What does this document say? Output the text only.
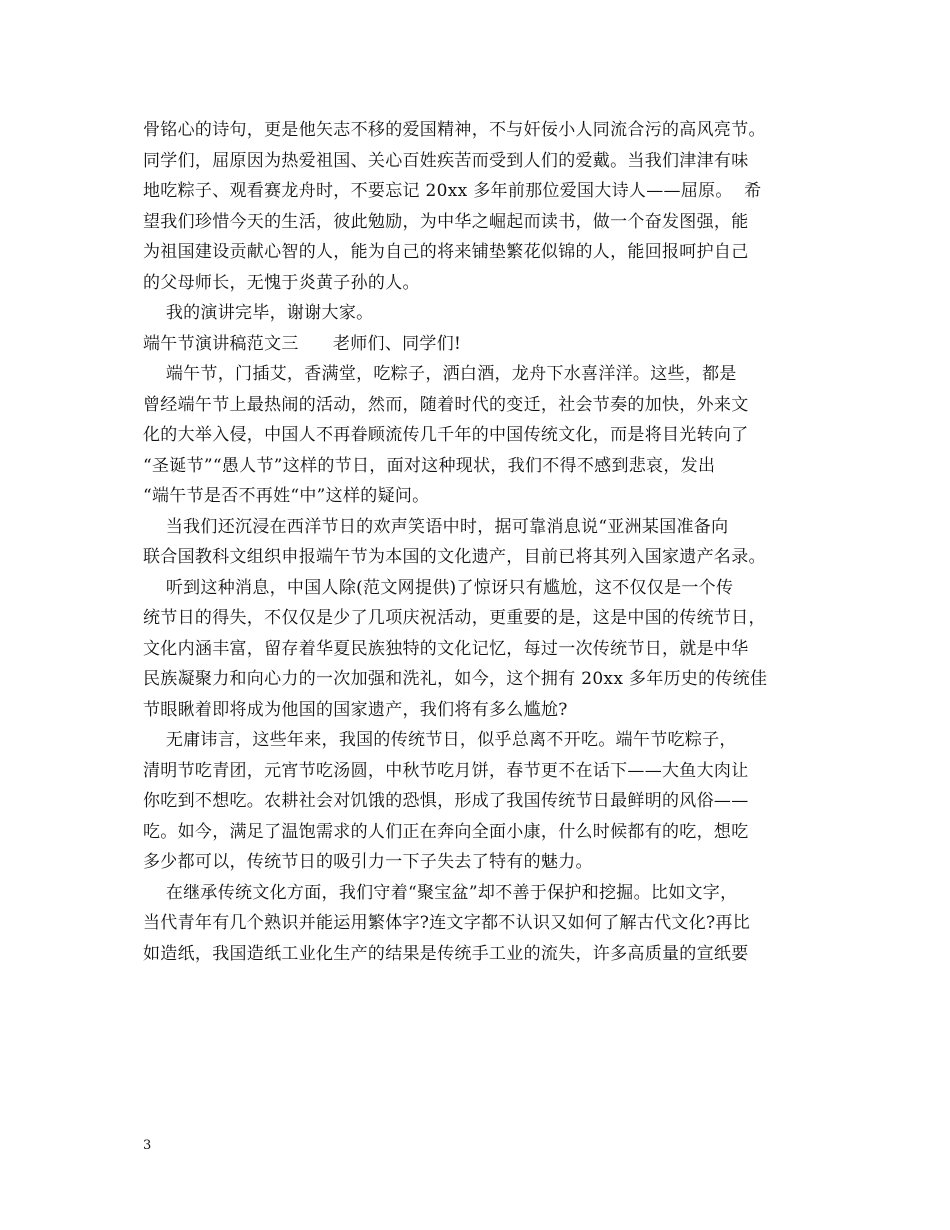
骨铭心的诗句，更是他矢志不移的爱国精神，不与奸佞小人同流合污的高风亮节。
同学们，屈原因为热爱祖国、关心百姓疾苦而受到人们的爱戴。当我们津津有味
地吃粽子、观看赛龙舟时，不要忘记 20xx 多年前那位爱国大诗人——屈原。  希
望我们珍惜今天的生活，彼此勉励，为中华之崛起而读书，做一个奋发图强，能
为祖国建设贡献心智的人，能为自己的将来铺垫繁花似锦的人，能回报呵护自己
的父母师长，无愧于炎黄子孙的人。
我的演讲完毕，谢谢大家。
端午节演讲稿范文三      老师们、同学们!
端午节，门插艾，香满堂，吃粽子，洒白酒，龙舟下水喜洋洋。这些，都是
曾经端午节上最热闹的活动，然而，随着时代的变迁，社会节奏的加快，外来文
化的大举入侵，中国人不再眷顾流传几千年的中国传统文化，而是将目光转向了
“圣诞节”“愚人节”这样的节日，面对这种现状，我们不得不感到悲哀，发出
“端午节是否不再姓“中”这样的疑问。
当我们还沉浸在西洋节日的欢声笑语中时，据可靠消息说“亚洲某国准备向
联合国教科文组织申报端午节为本国的文化遗产，目前已将其列入国家遗产名录。
听到这种消息，中国人除(范文网提供)了惊讶只有尴尬，这不仅仅是一个传
统节日的得失，不仅仅是少了几项庆祝活动，更重要的是，这是中国的传统节日，
文化内涵丰富，留存着华夏民族独特的文化记忆，每过一次传统节日，就是中华
民族凝聚力和向心力的一次加强和洗礼，如今，这个拥有 20xx 多年历史的传统佳
节眼瞅着即将成为他国的国家遗产，我们将有多么尴尬?
无庸讳言，这些年来，我国的传统节日，似乎总离不开吃。端午节吃粽子，
清明节吃青团，元宵节吃汤圆，中秋节吃月饼，春节更不在话下——大鱼大肉让
你吃到不想吃。农耕社会对饥饿的恐惧，形成了我国传统节日最鲜明的风俗——
吃。如今，满足了温饱需求的人们正在奔向全面小康，什么时候都有的吃，想吃
多少都可以，传统节日的吸引力一下子失去了特有的魅力。
在继承传统文化方面，我们守着“聚宝盆”却不善于保护和挖掘。比如文字，
当代青年有几个熟识并能运用繁体字?连文字都不认识又如何了解古代文化?再比
如造纸，我国造纸工业化生产的结果是传统手工业的流失，许多高质量的宣纸要
3
